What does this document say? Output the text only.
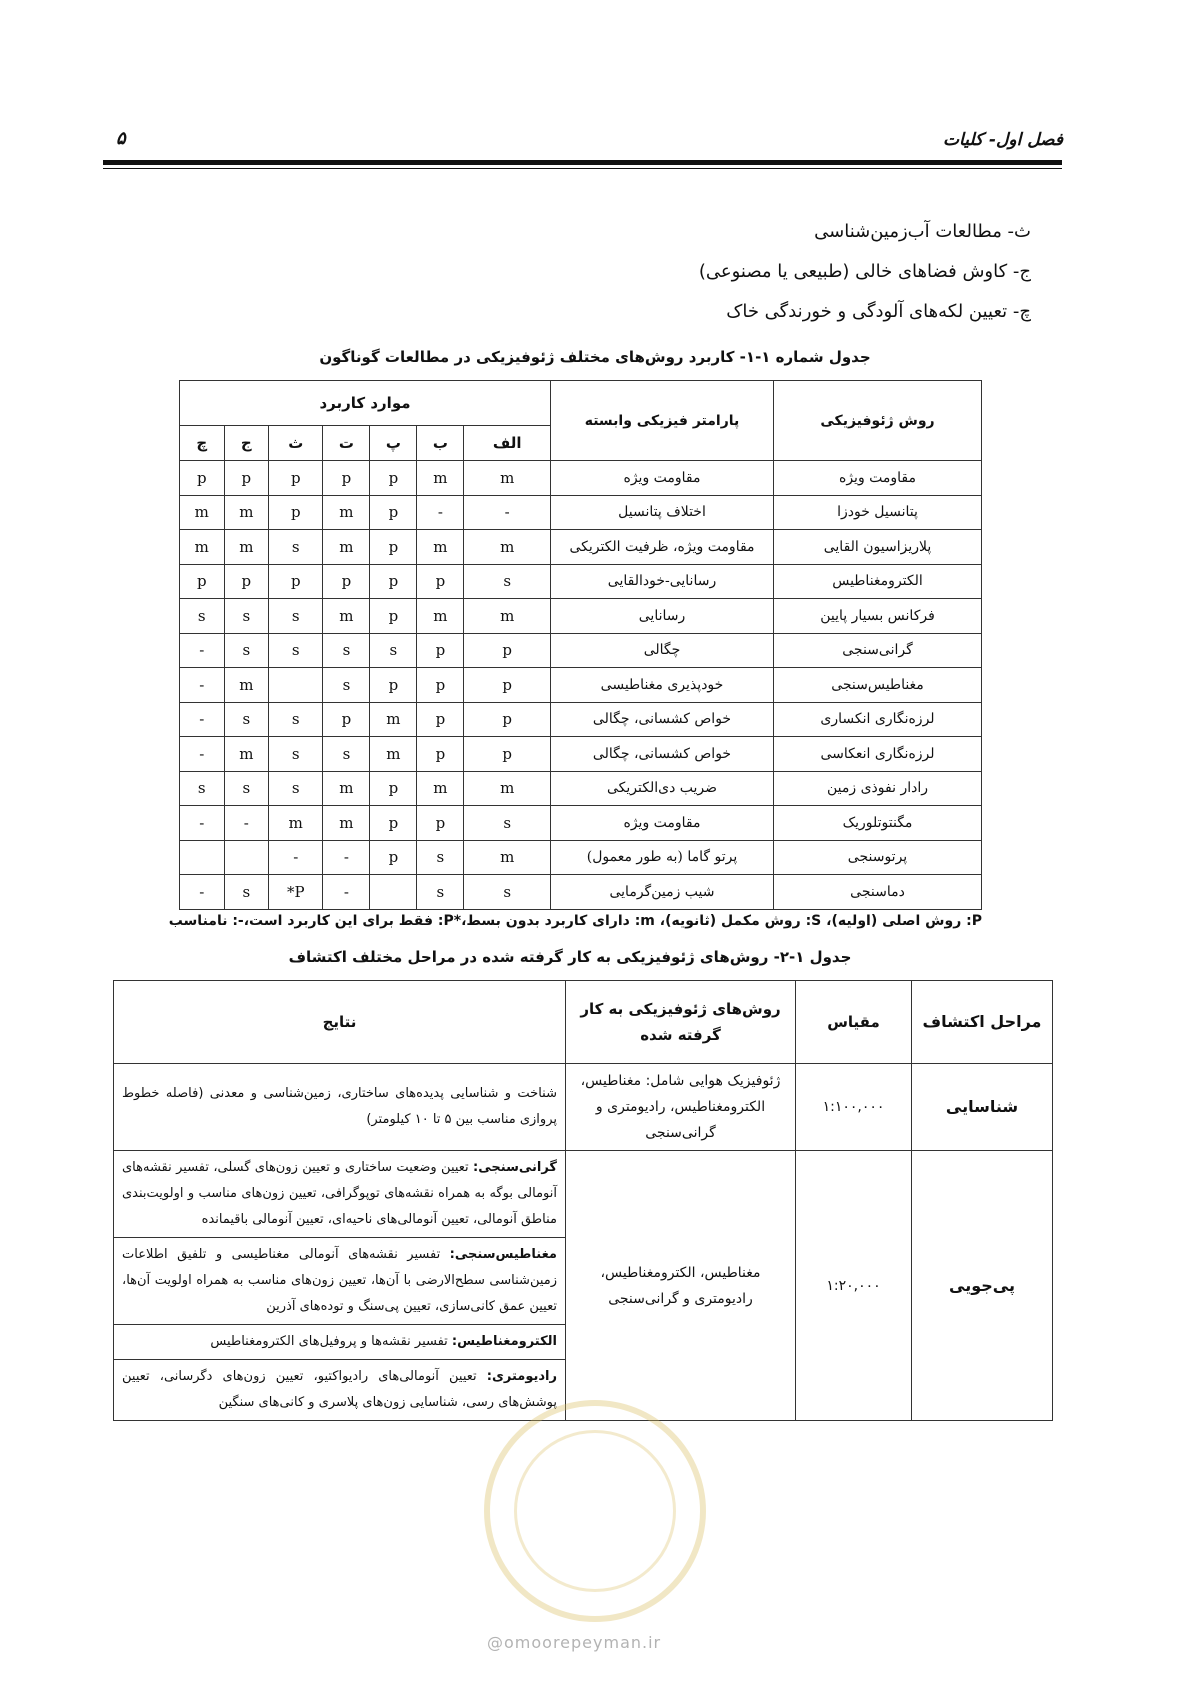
فصل اول- کلیات
۵
ث- مطالعات آب‌زمین‌شناسی
ج- کاوش فضاهای خالی (طبیعی یا مصنوعی)
چ- تعیین لکه‌های آلودگی و خورندگی خاک
جدول شماره ۱-۱- کاربرد روش‌های مختلف ژئوفیزیکی در مطالعات گوناگون
روش ژئوفیزیکی	پارامتر فیزیکی وابسته	موارد کاربرد						
		الف	ب	پ	ت	ث	ج	چ
مقاومت ویژه	مقاومت ویژه	m	m	p	p	p	p	p
پتانسیل خودزا	اختلاف پتانسیل	-	-	p	m	p	m	m
پلاریزاسیون القایی	مقاومت ویژه، ظرفیت الکتریکی	m	m	p	m	s	m	m
الکترومغناطیس	رسانایی-خودالقایی	s	p	p	p	p	p	p
فرکانس بسیار پایین	رسانایی	m	m	p	m	s	s	s
گرانی‌سنجی	چگالی	p	p	s	s	s	s	-
مغناطیس‌سنجی	خودپذیری مغناطیسی	p	p	p	s		m	-
لرزه‌نگاری انکساری	خواص کشسانی، چگالی	p	p	m	p	s	s	-
لرزه‌نگاری انعکاسی	خواص کشسانی، چگالی	p	p	m	s	s	m	-
رادار نفوذی زمین	ضریب دی‌الکتریکی	m	m	p	m	s	s	s
مگنتوتلوریک	مقاومت ویژه	s	p	p	m	m	-	-
پرتوسنجی	پرتو گاما (به طور معمول)	m	s	p	-	-		
دماسنجی	شیب زمین‌گرمایی	s	s		-	P*	s	-
P: روش اصلی (اولیه)، S: روش مکمل (ثانویه)، m: دارای کاربرد بدون بسط،*P: فقط برای این کاربرد است،-: نامناسب
جدول ۱-۲- روش‌های ژئوفیزیکی به کار گرفته شده در مراحل مختلف اکتشاف
مراحل اکتشاف	مقیاس	روش‌های ژئوفیزیکی به کار گرفته شده	نتایج
شناسایی	۱:۱۰۰,۰۰۰	ژئوفیزیک هوایی شامل: مغناطیس، الکترومغناطیس، رادیومتری و گرانی‌سنجی	شناخت و شناسایی پدیده‌های ساختاری، زمین‌شناسی و معدنی (فاصله خطوط پروازی مناسب بین ۵ تا ۱۰ کیلومتر)
پی‌جویی	۱:۲۰,۰۰۰	مغناطیس، الکترومغناطیس، رادیومتری و گرانی‌سنجی	گرانی‌سنجی: تعیین وضعیت ساختاری و تعیین زون‌های گسلی، تفسیر نقشه‌های آنومالی بوگه به همراه نقشه‌های توپوگرافی، تعیین زون‌های مناسب و اولویت‌بندی مناطق آنومالی، تعیین آنومالی‌های ناحیه‌ای، تعیین آنومالی باقیمانده
			مغناطیس‌سنجی: تفسیر نقشه‌های آنومالی مغناطیسی و تلفیق اطلاعات زمین‌شناسی سطح‌الارضی با آن‌ها، تعیین زون‌های مناسب به همراه اولویت آن‌ها، تعیین عمق کانی‌سازی، تعیین پی‌سنگ و توده‌های آذرین
			الکترومغناطیس: تفسیر نقشه‌ها و پروفیل‌های الکترومغناطیس
			رادیومتری: تعیین آنومالی‌های رادیواکتیو، تعیین زون‌های دگرسانی، تعیین پوشش‌های رسی، شناسایی زون‌های پلاسری و کانی‌های سنگین
@omoorepeyman.ir
